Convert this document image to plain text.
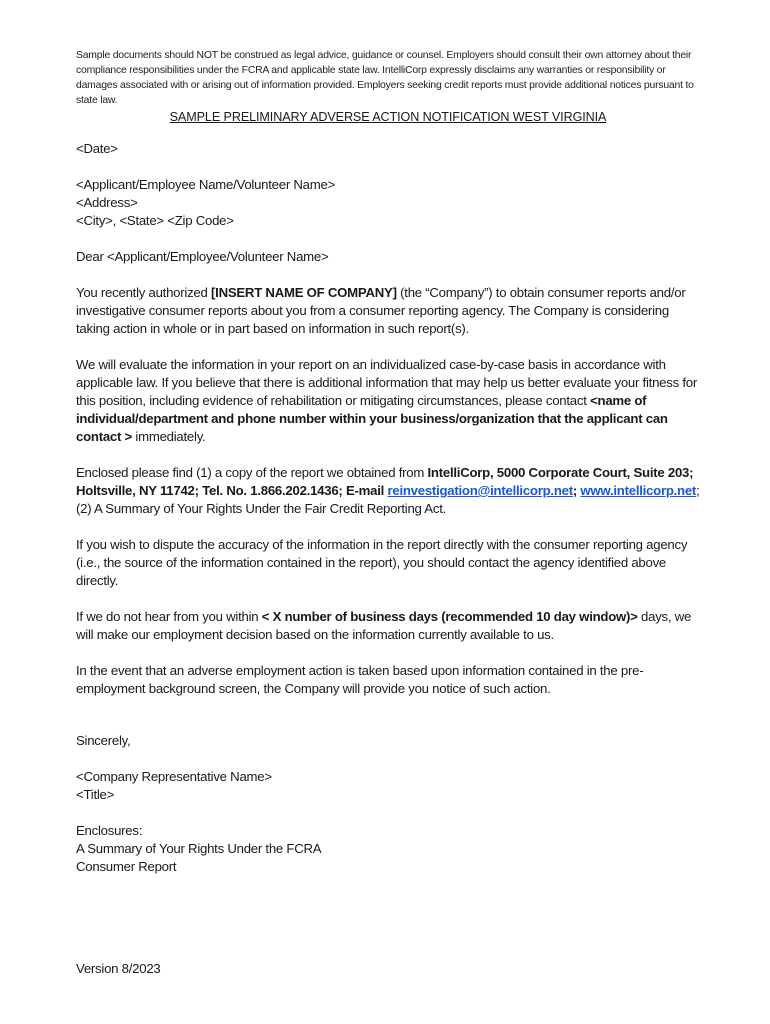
Sample documents should NOT be construed as legal advice, guidance or counsel. Employers should consult their own attorney about their compliance responsibilities under the FCRA and applicable state law. IntelliCorp expressly disclaims any warranties or responsibility or damages associated with or arising out of information provided. Employers seeking credit reports must provide additional notices pursuant to state law.

SAMPLE PRELIMINARY ADVERSE ACTION NOTIFICATION WEST VIRGINIA

<Date>

<Applicant/Employee Name/Volunteer Name>

<Address>

<City>, <State> <Zip Code>

Dear <Applicant/Employee/Volunteer Name>

You recently authorized [INSERT NAME OF COMPANY] (the “Company”) to obtain consumer reports and/or investigative consumer reports about you from a consumer reporting agency. The Company is considering taking action in whole or in part based on information in such report(s).

We will evaluate the information in your report on an individualized case-by-case basis in accordance with applicable law. If you believe that there is additional information that may help us better evaluate your fitness for this position, including evidence of rehabilitation or mitigating circumstances, please contact <name of individual/department and phone number within your business/organization that the applicant can contact > immediately.

Enclosed please find (1) a copy of the report we obtained from IntelliCorp, 5000 Corporate Court, Suite 203; Holtsville, NY 11742; Tel. No. 1.866.202.1436; E-mail reinvestigation@intellicorp.net; www.intellicorp.net; (2) A Summary of Your Rights Under the Fair Credit Reporting Act.

If you wish to dispute the accuracy of the information in the report directly with the consumer reporting agency (i.e., the source of the information contained in the report), you should contact the agency identified above directly.

If we do not hear from you within < X number of business days (recommended 10 day window)> days, we will make our employment decision based on the information currently available to us.

In the event that an adverse employment action is taken based upon information contained in the pre-employment background screen, the Company will provide you notice of such action.

Sincerely,

<Company Representative Name>

<Title>

Enclosures:

A Summary of Your Rights Under the FCRA

Consumer Report

Version 8/2023
